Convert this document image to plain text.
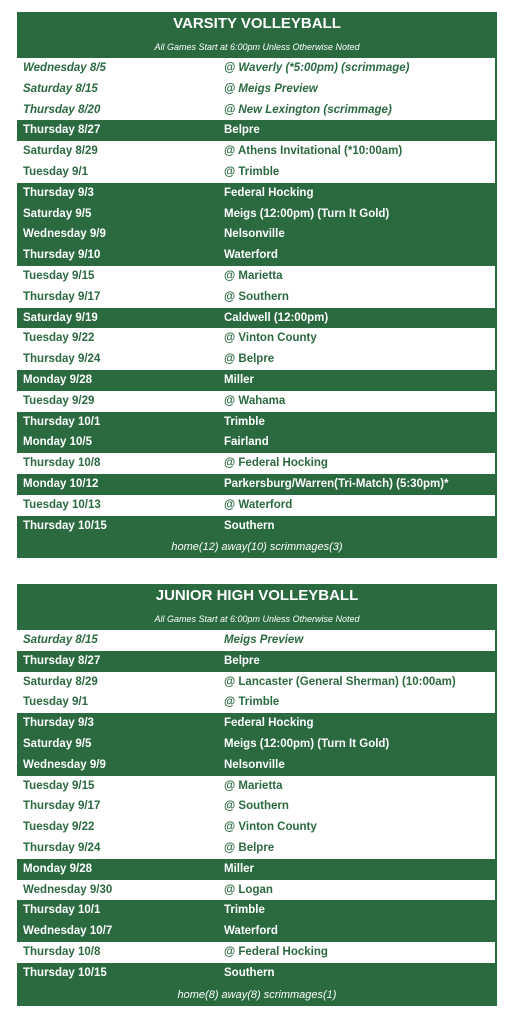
VARSITY VOLLEYBALL
All Games Start at 6:00pm Unless Otherwise Noted
Wednesday 8/5	@ Waverly (*5:00pm) (scrimmage)
Saturday 8/15	@ Meigs Preview
Thursday 8/20	@ New Lexington (scrimmage)
Thursday 8/27	Belpre
Saturday 8/29	@ Athens Invitational (*10:00am)
Tuesday 9/1	@ Trimble
Thursday 9/3	Federal Hocking
Saturday 9/5	Meigs (12:00pm) (Turn It Gold)
Wednesday 9/9	Nelsonville
Thursday 9/10	Waterford
Tuesday 9/15	@ Marietta
Thursday 9/17	@ Southern
Saturday 9/19	Caldwell (12:00pm)
Tuesday 9/22	@ Vinton County
Thursday 9/24	@ Belpre
Monday 9/28	Miller
Tuesday 9/29	@ Wahama
Thursday 10/1	Trimble
Monday 10/5	Fairland
Thursday 10/8	@ Federal Hocking
Monday 10/12	Parkersburg/Warren(Tri-Match) (5:30pm)*
Tuesday 10/13	@ Waterford
Thursday 10/15	Southern
home(12) away(10) scrimmages(3)
JUNIOR HIGH VOLLEYBALL
All Games Start at 6:00pm Unless Otherwise Noted
Saturday 8/15	Meigs Preview
Thursday 8/27	Belpre
Saturday 8/29	@ Lancaster (General Sherman) (10:00am)
Tuesday 9/1	@ Trimble
Thursday 9/3	Federal Hocking
Saturday 9/5	Meigs (12:00pm) (Turn It Gold)
Wednesday 9/9	Nelsonville
Tuesday 9/15	@ Marietta
Thursday 9/17	@ Southern
Tuesday 9/22	@ Vinton County
Thursday 9/24	@ Belpre
Monday 9/28	Miller
Wednesday 9/30	@ Logan
Thursday 10/1	Trimble
Wednesday 10/7	Waterford
Thursday 10/8	@ Federal Hocking
Thursday 10/15	Southern
home(8) away(8) scrimmages(1)
